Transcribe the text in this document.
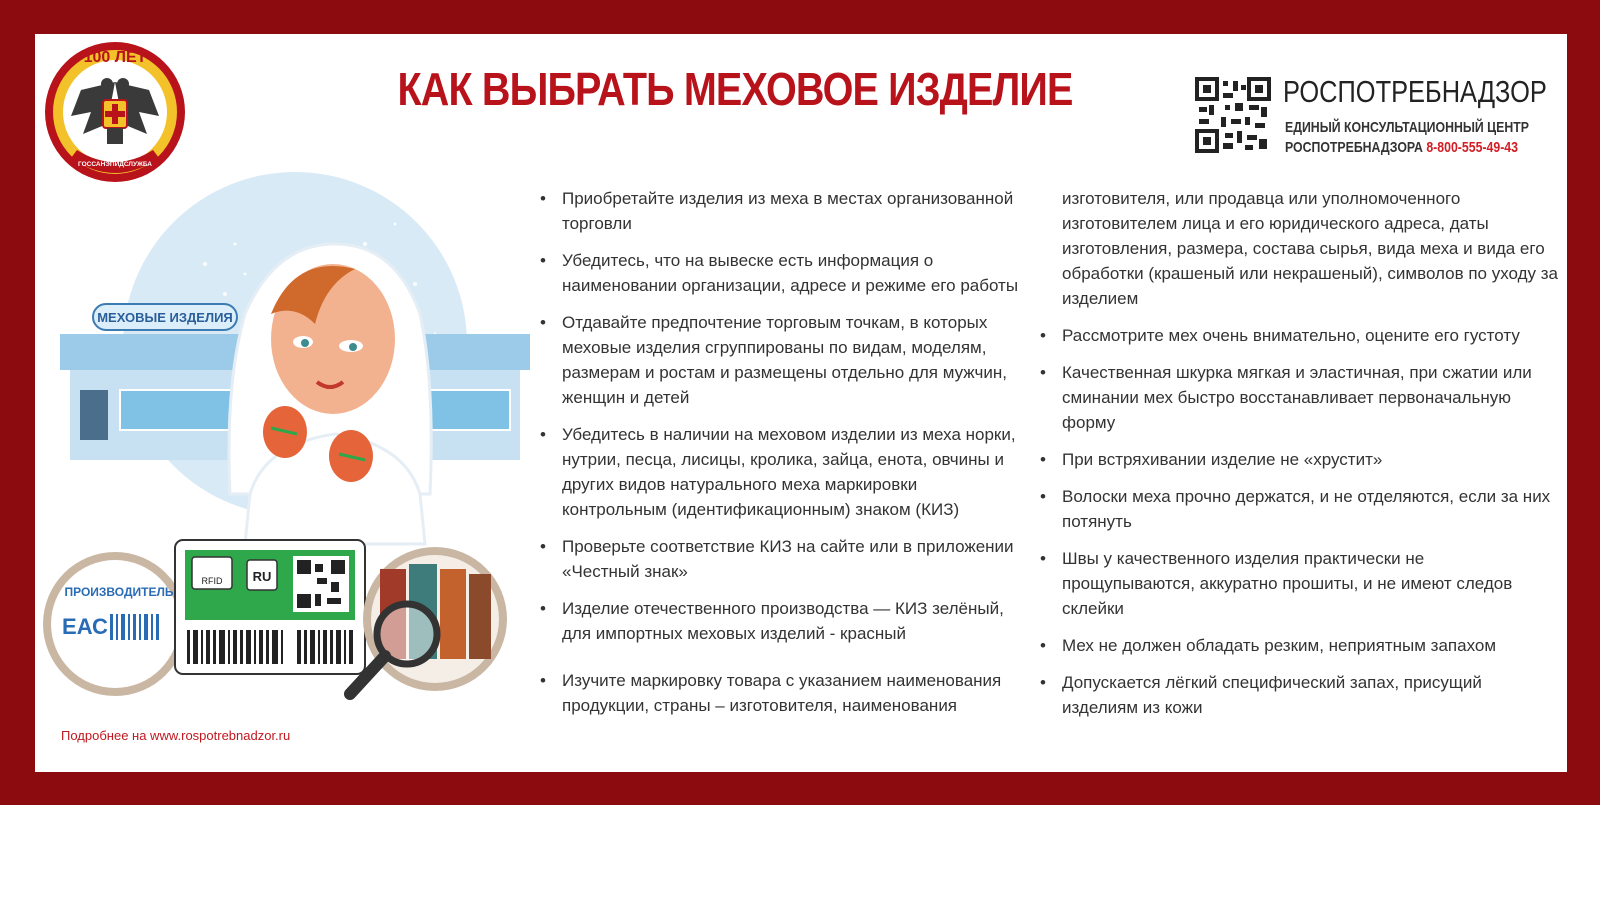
100 ЛЕТ
ГОССАНЭПИДСЛУЖБА
КАК ВЫБРАТЬ МЕХОВОЕ ИЗДЕЛИЕ	РОСПОТРЕБНАДЗОР
ЕДИНЫЙ КОНСУЛЬТАЦИОННЫЙ ЦЕНТР
РОСПОТРЕБНАДЗОРА 8-800-555-49-43
МЕХОВЫЕ ИЗДЕЛИЯ
ПРОИЗВОДИТЕЛЬ
ЕАС
RFID RU
• Приобретайте изделия из меха в местах организованной торговли
• Убедитесь, что на вывеске есть информация о наименовании организации, адресе и режиме его работы
• Отдавайте предпочтение торговым точкам, в которых меховые изделия сгруппированы по видам, моделям, размерам и ростам и размещены отдельно для мужчин, женщин и детей
• Убедитесь в наличии на меховом изделии из меха норки, нутрии, песца, лисицы, кролика, зайца, енота, овчины и других видов натурального меха маркировки контрольным (идентификационным) знаком (КИЗ)
• Проверьте соответствие КИЗ на сайте или в приложении «Честный знак»
• Изделие отечественного производства — КИЗ зелёный, для импортных меховых изделий - красный
• Изучите маркировку товара с указанием наименования продукции, страны – изготовителя, наименования
изготовителя, или продавца или уполномоченного изготовителем лица и его юридического адреса, даты изготовления, размера, состава сырья, вида меха и вида его обработки (крашеный или некрашеный), символов по уходу за изделием
• Рассмотрите мех очень внимательно, оцените его густоту
• Качественная шкурка мягкая и эластичная, при сжатии или сминании мех быстро восстанавливает первоначальную форму
• При встряхивании изделие не «хрустит»
• Волоски меха прочно держатся, и не отделяются, если за них потянуть
• Швы у качественного изделия практически не прощупываются, аккуратно прошиты, и не имеют следов склейки
• Мех не должен обладать резким, неприятным запахом
• Допускается лёгкий специфический запах, присущий изделиям из кожи
Подробнее на www.rospotrebnadzor.ru
